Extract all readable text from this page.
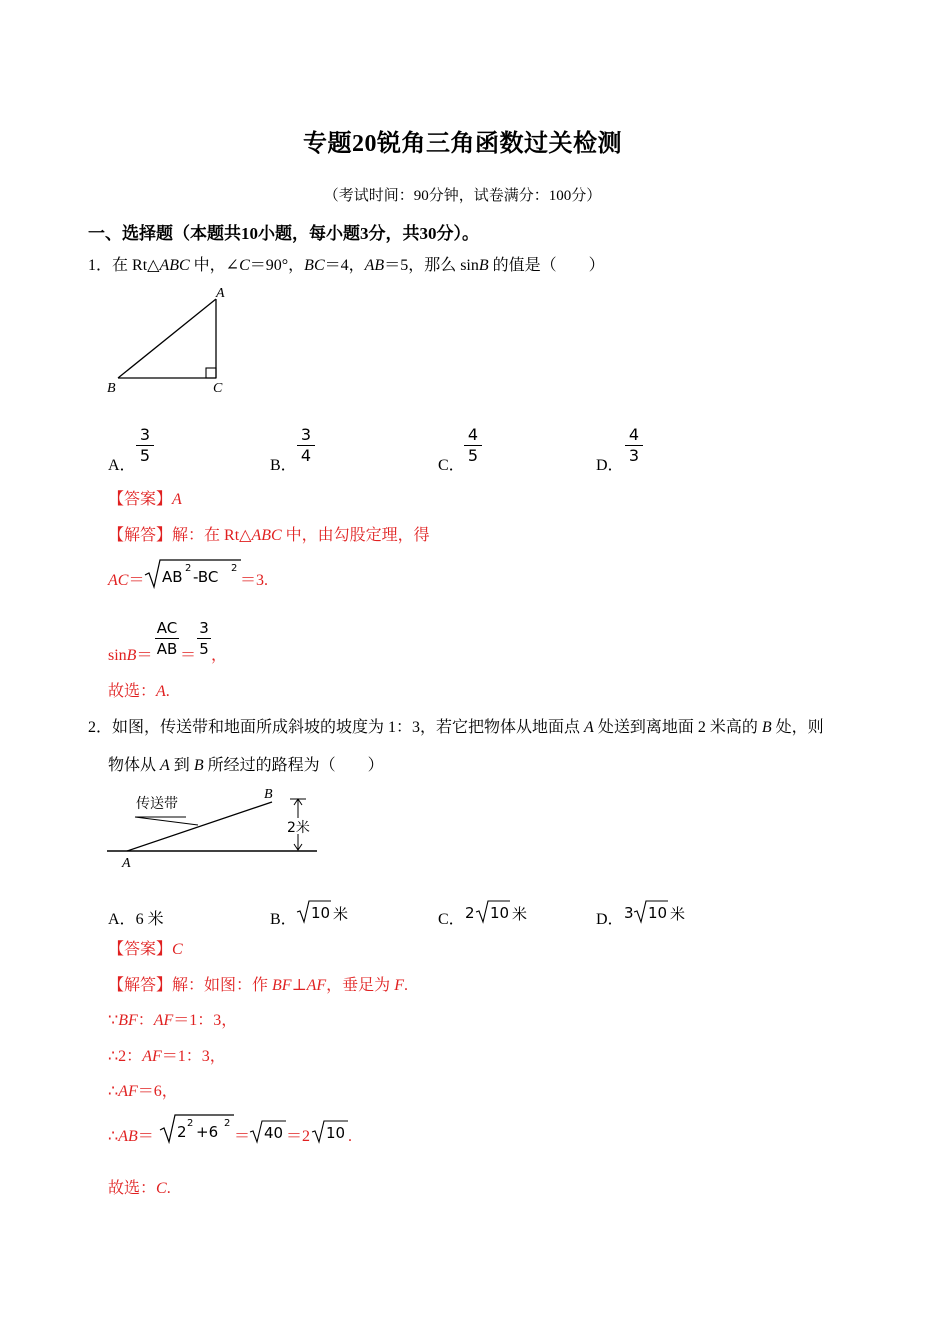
专题20锐角三角函数过关检测
（考试时间：90分钟，试卷满分：100分）
一、选择题（本题共10小题，每小题3分，共30分）。
1．在 Rt△ABC 中，∠C＝90°，BC＝4，AB＝5，那么 sinB 的值是（　　）
A
B	C
A．
3
5
B．
3
4
C．
4
5
D．
4
3
【答案】A
【解答】解：在 Rt△ABC 中，由勾股定理，得
AC＝ AB 2 -BC 2
＝3.
sinB＝
AC
AB ＝
3
5 ，
故选：A.
2．如图，传送带和地面所成斜坡的坡度为 1：3，若它把物体从地面点 A 处送到离地面 2 米高的 B 处，则
物体从 A 到 B 所经过的路程为（　　）
传送带
B
A
2米
A．6 米	B． 10 米	C． 2 10 米	D． 3 10 米
【答案】C
【解答】解：如图：作 BF⊥AF，垂足为 F.
∵BF：AF＝1：3，
∴2：AF＝1：3，
∴AF＝6，
∴AB＝ 2 2 +6 2
＝ 40 ＝2 10 .
故选：C.
